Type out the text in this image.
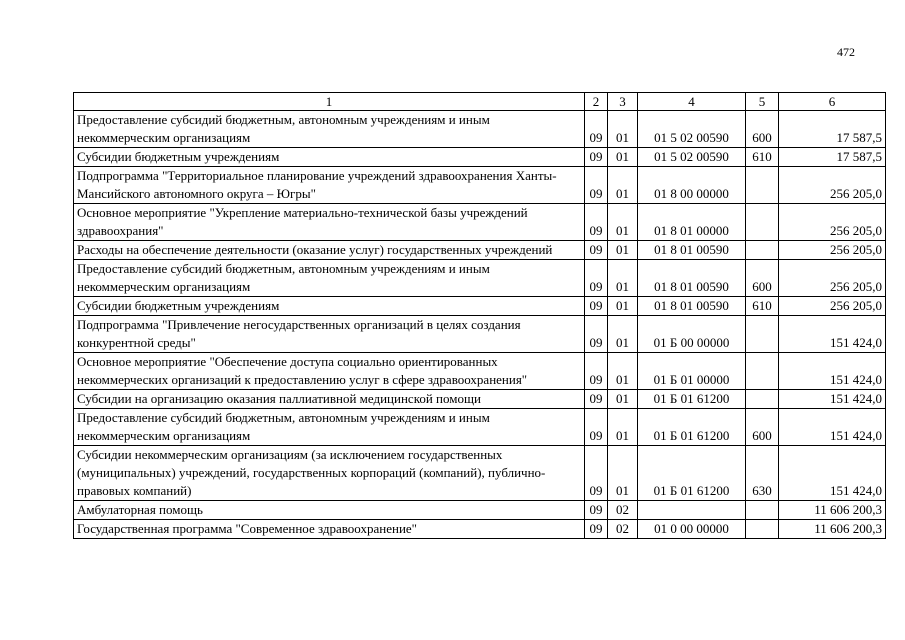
472
1	2	3	4	5	6
Предоставление субсидий бюджетным, автономным учреждениям и иным некоммерческим организациям	09	01	01 5 02 00590	600	17 587,5
Субсидии бюджетным учреждениям	09	01	01 5 02 00590	610	17 587,5
Подпрограмма "Территориальное планирование учреждений здравоохранения Ханты-Мансийского автономного округа – Югры"	09	01	01 8 00 00000		256 205,0
Основное мероприятие "Укрепление материально-технической базы учреждений здравоохрания"	09	01	01 8 01 00000		256 205,0
Расходы на обеспечение деятельности (оказание услуг) государственных учреждений	09	01	01 8 01 00590		256 205,0
Предоставление субсидий бюджетным, автономным учреждениям и иным некоммерческим организациям	09	01	01 8 01 00590	600	256 205,0
Субсидии бюджетным учреждениям	09	01	01 8 01 00590	610	256 205,0
Подпрограмма "Привлечение негосударственных организаций в целях создания конкурентной среды"	09	01	01 Б 00 00000		151 424,0
Основное мероприятие "Обеспечение доступа социально ориентированных некоммерческих организаций к предоставлению услуг в сфере здравоохранения"	09	01	01 Б 01 00000		151 424,0
Субсидии на организацию оказания паллиативной медицинской помощи	09	01	01 Б 01 61200		151 424,0
Предоставление субсидий бюджетным, автономным учреждениям и иным некоммерческим организациям	09	01	01 Б 01 61200	600	151 424,0
Субсидии некоммерческим организациям (за исключением государственных (муниципальных) учреждений, государственных корпораций (компаний), публично-правовых компаний)	09	01	01 Б 01 61200	630	151 424,0
Амбулаторная помощь	09	02			11 606 200,3
Государственная программа "Современное здравоохранение"	09	02	01 0 00 00000		11 606 200,3
